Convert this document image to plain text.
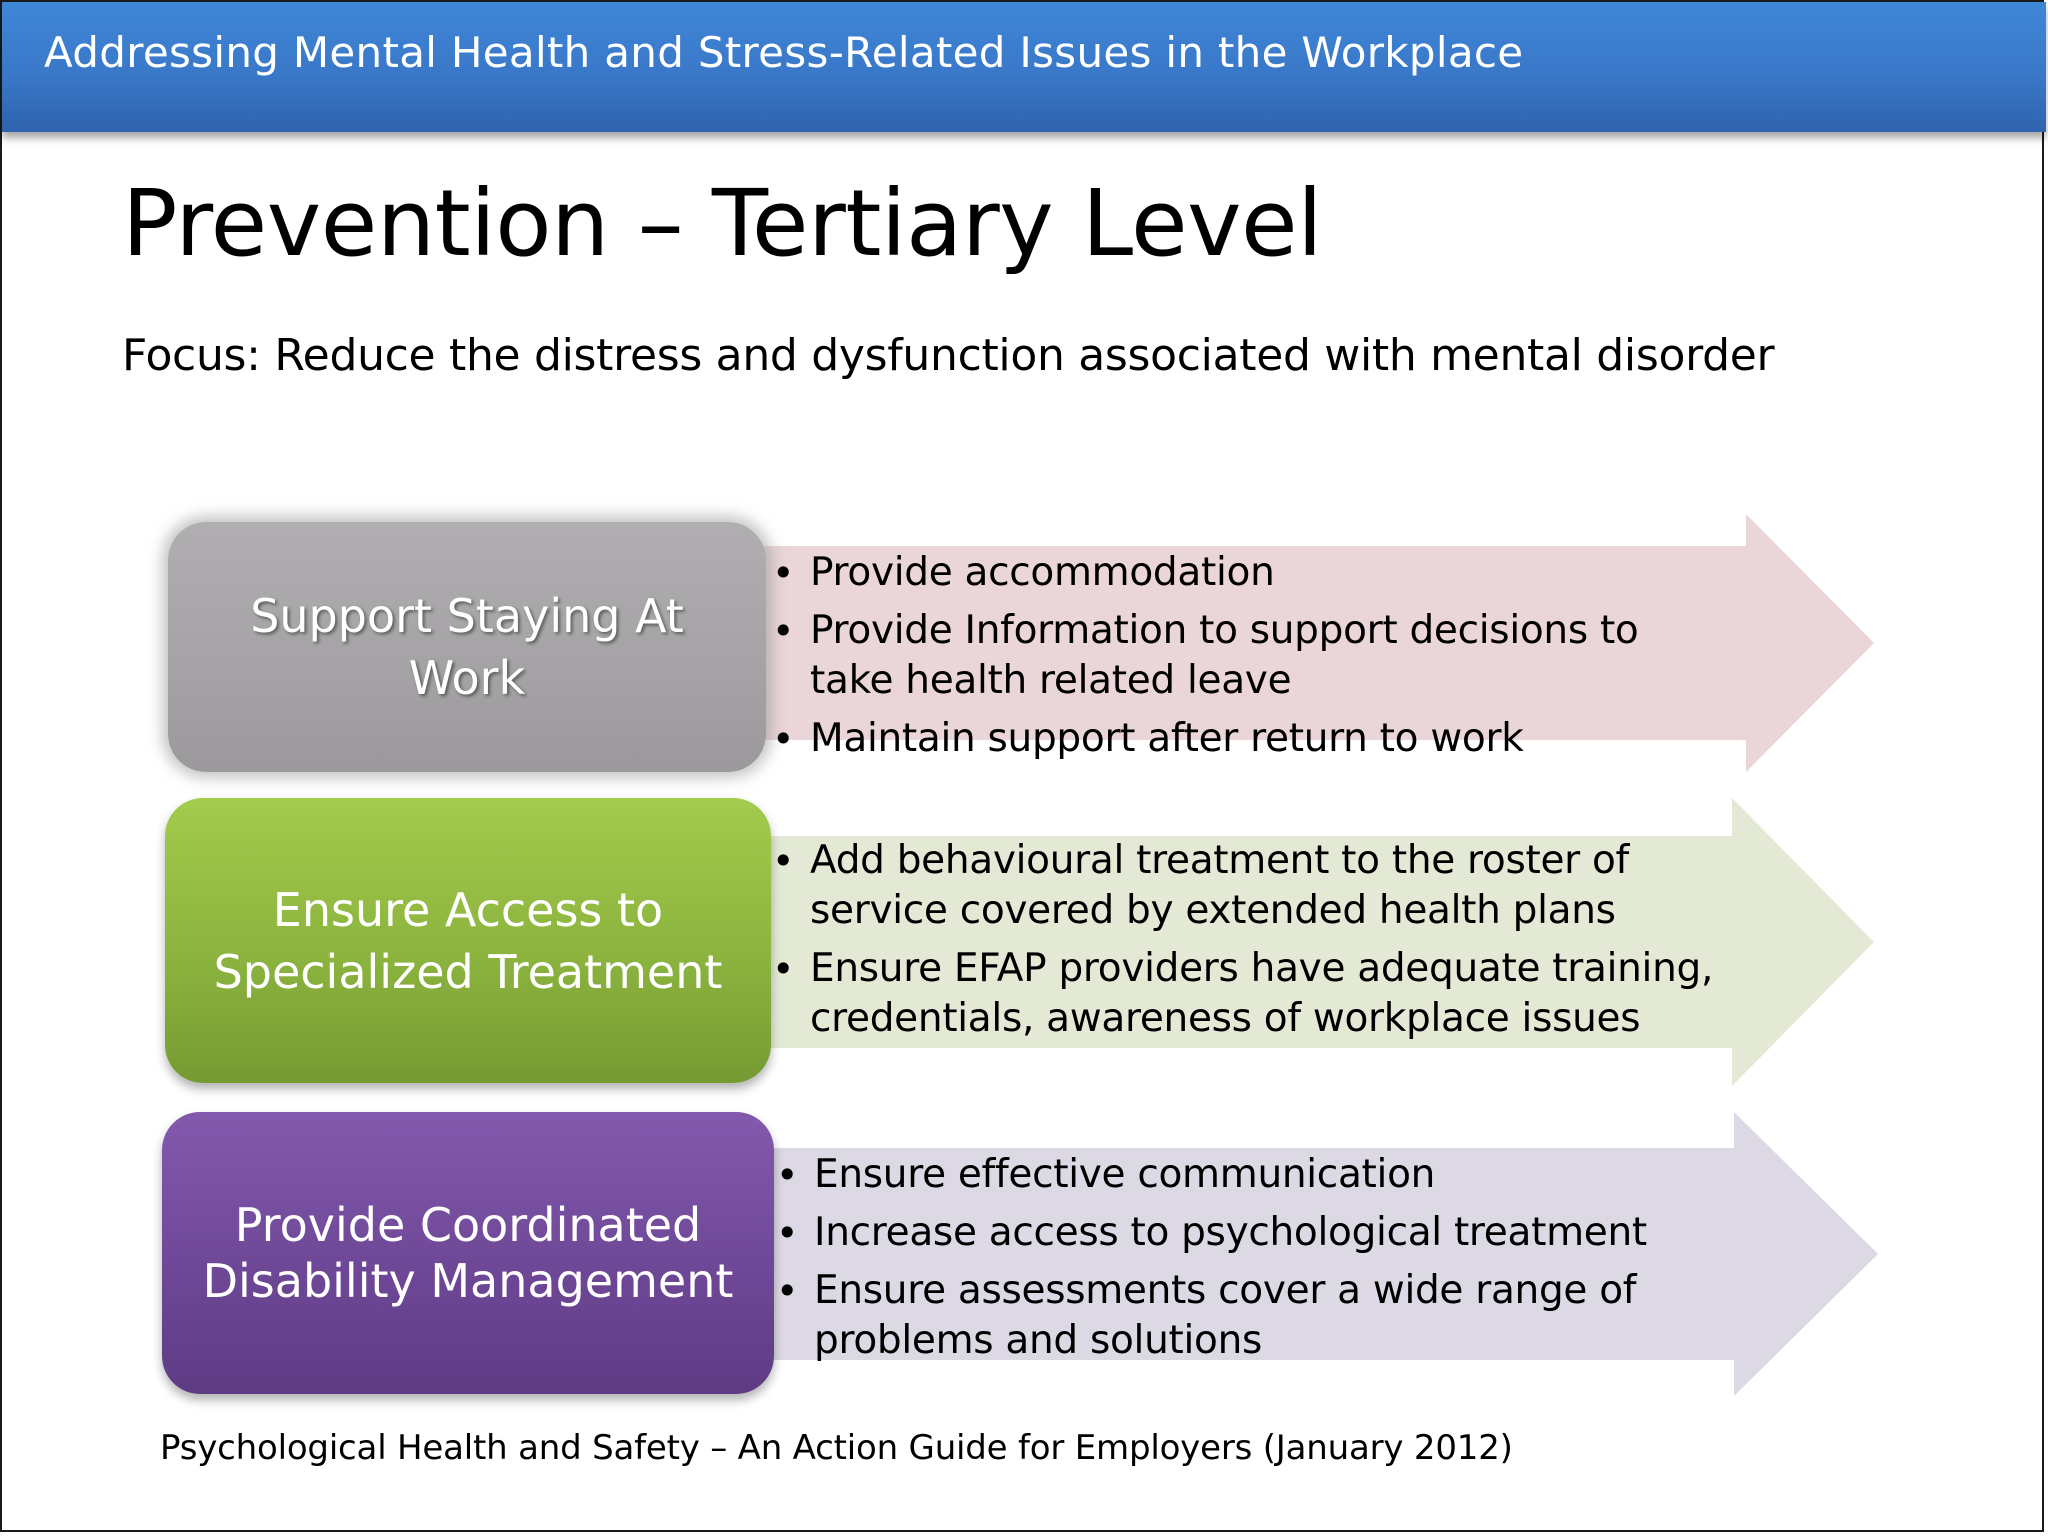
Addressing Mental Health and Stress-Related Issues in the Workplace
Prevention – Tertiary Level
Focus: Reduce the distress and dysfunction associated with mental disorder
• Provide accommodation
• Provide Information to support decisions to take health related leave
• Maintain support after return to work
Support Staying At Work
• Add behavioural treatment to the roster of service covered by extended health plans
• Ensure EFAP providers have adequate training, credentials, awareness of workplace issues
Ensure Access to
Specialized Treatment
• Ensure effective communication
• Increase access to psychological treatment
• Ensure assessments cover a wide range of problems and solutions
Provide Coordinated
Disability Management
Psychological Health and Safety – An Action Guide for Employers (January 2012)
